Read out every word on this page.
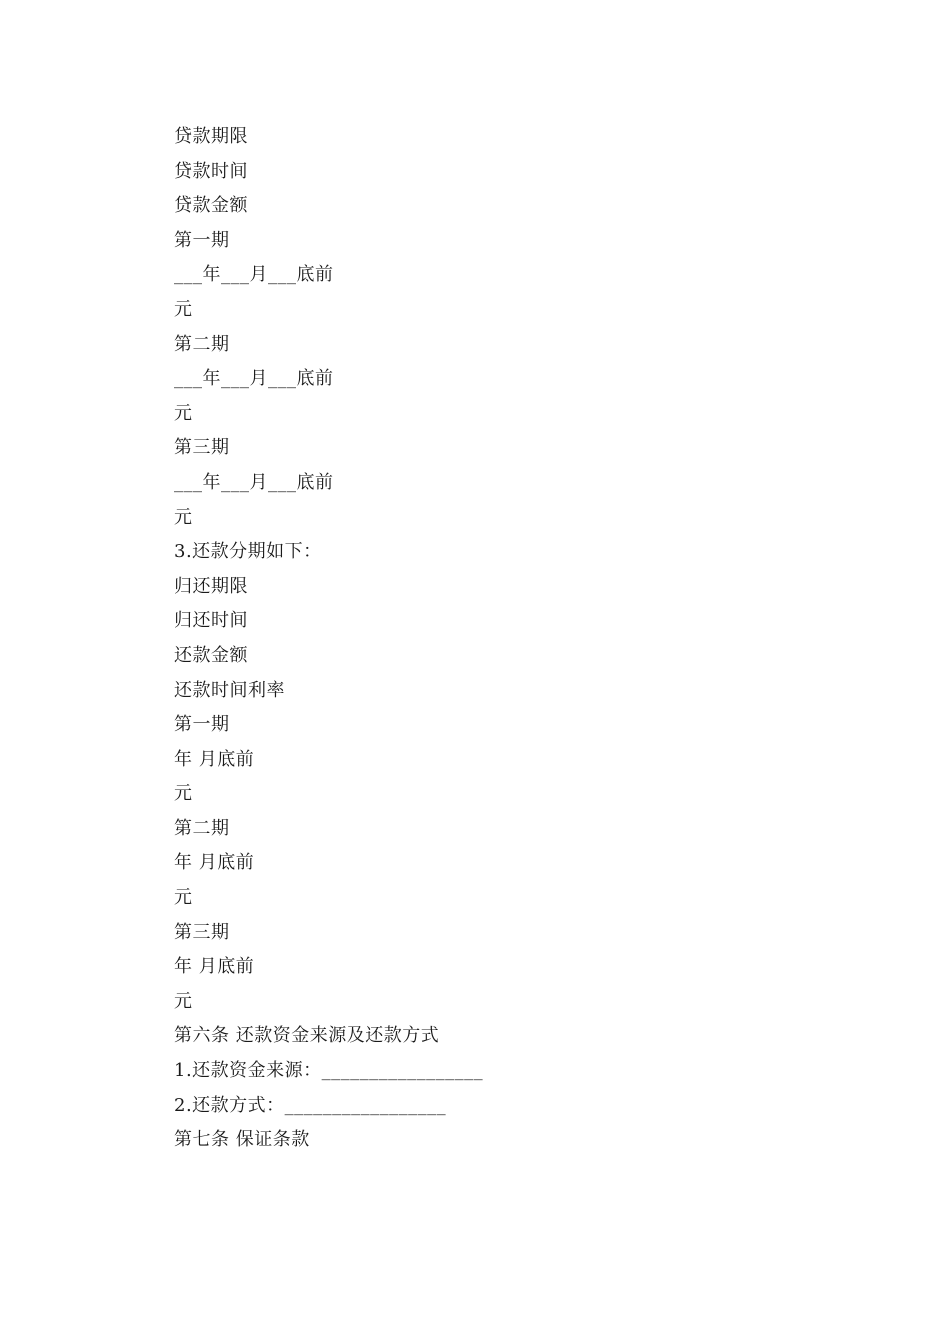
贷款期限
贷款时间
贷款金额
第一期
___年___月___底前
元
第二期
___年___月___底前
元
第三期
___年___月___底前
元
3.还款分期如下：
归还期限
归还时间
还款金额
还款时间利率
第一期
年 月底前
元
第二期
年 月底前
元
第三期
年 月底前
元
第六条 还款资金来源及还款方式
1.还款资金来源：_________________
2.还款方式：_________________
第七条 保证条款
